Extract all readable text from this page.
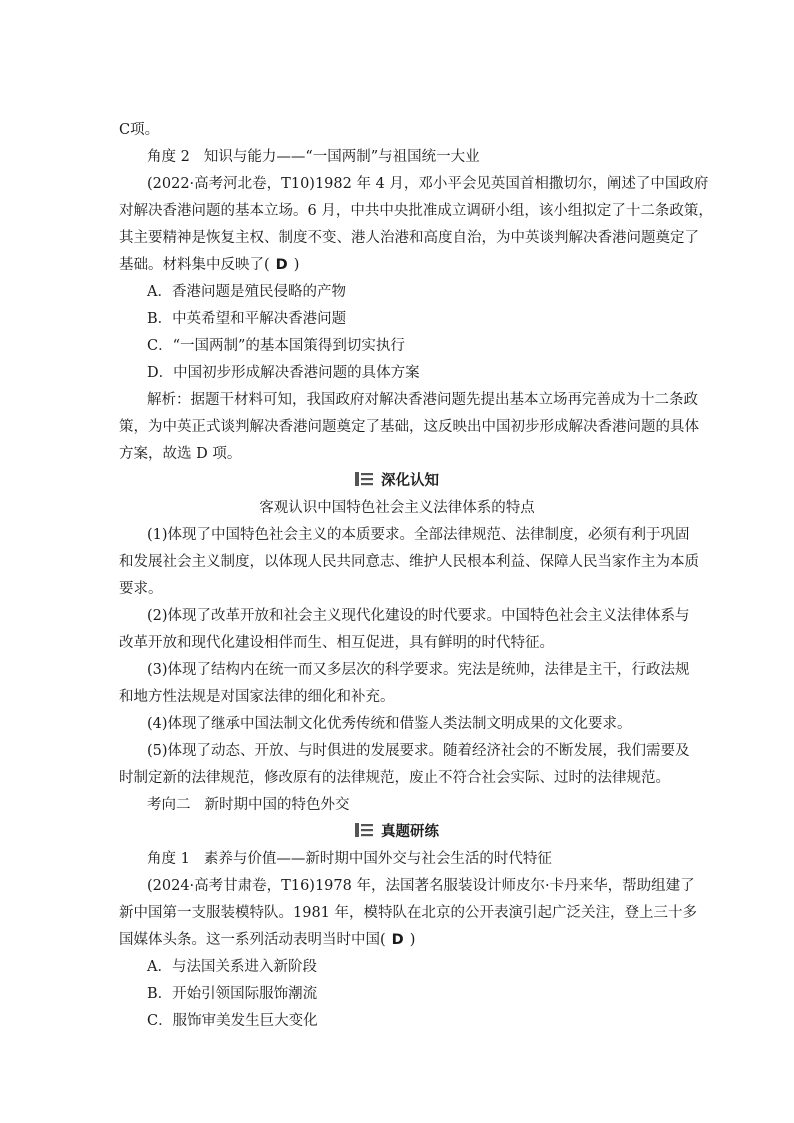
C项。
角度 2 知识与能力——“一国两制”与祖国统一大业
(2022·高考河北卷，T10)1982 年 4 月，邓小平会见英国首相撒切尔，阐述了中国政府
对解决香港问题的基本立场。6 月，中共中央批准成立调研小组，该小组拟定了十二条政策，
其主要精神是恢复主权、制度不变、港人治港和高度自治，为中英谈判解决香港问题奠定了
基础。材料集中反映了( D )
A．香港问题是殖民侵略的产物
B．中英希望和平解决香港问题
C．“一国两制”的基本国策得到切实执行
D．中国初步形成解决香港问题的具体方案
解析：据题干材料可知，我国政府对解决香港问题先提出基本立场再完善成为十二条政
策，为中英正式谈判解决香港问题奠定了基础，这反映出中国初步形成解决香港问题的具体
方案，故选 D 项。
深化认知
客观认识中国特色社会主义法律体系的特点
(1)体现了中国特色社会主义的本质要求。全部法律规范、法律制度，必须有利于巩固
和发展社会主义制度，以体现人民共同意志、维护人民根本利益、保障人民当家作主为本质
要求。
(2)体现了改革开放和社会主义现代化建设的时代要求。中国特色社会主义法律体系与
改革开放和现代化建设相伴而生、相互促进，具有鲜明的时代特征。
(3)体现了结构内在统一而又多层次的科学要求。宪法是统帅，法律是主干，行政法规
和地方性法规是对国家法律的细化和补充。
(4)体现了继承中国法制文化优秀传统和借鉴人类法制文明成果的文化要求。
(5)体现了动态、开放、与时俱进的发展要求。随着经济社会的不断发展，我们需要及
时制定新的法律规范，修改原有的法律规范，废止不符合社会实际、过时的法律规范。
考向二 新时期中国的特色外交
真题研练
角度 1 素养与价值——新时期中国外交与社会生活的时代特征
(2024·高考甘肃卷，T16)1978 年，法国著名服装设计师皮尔·卡丹来华，帮助组建了
新中国第一支服装模特队。1981 年，模特队在北京的公开表演引起广泛关注，登上三十多
国媒体头条。这一系列活动表明当时中国( D )
A．与法国关系进入新阶段
B．开始引领国际服饰潮流
C．服饰审美发生巨大变化
